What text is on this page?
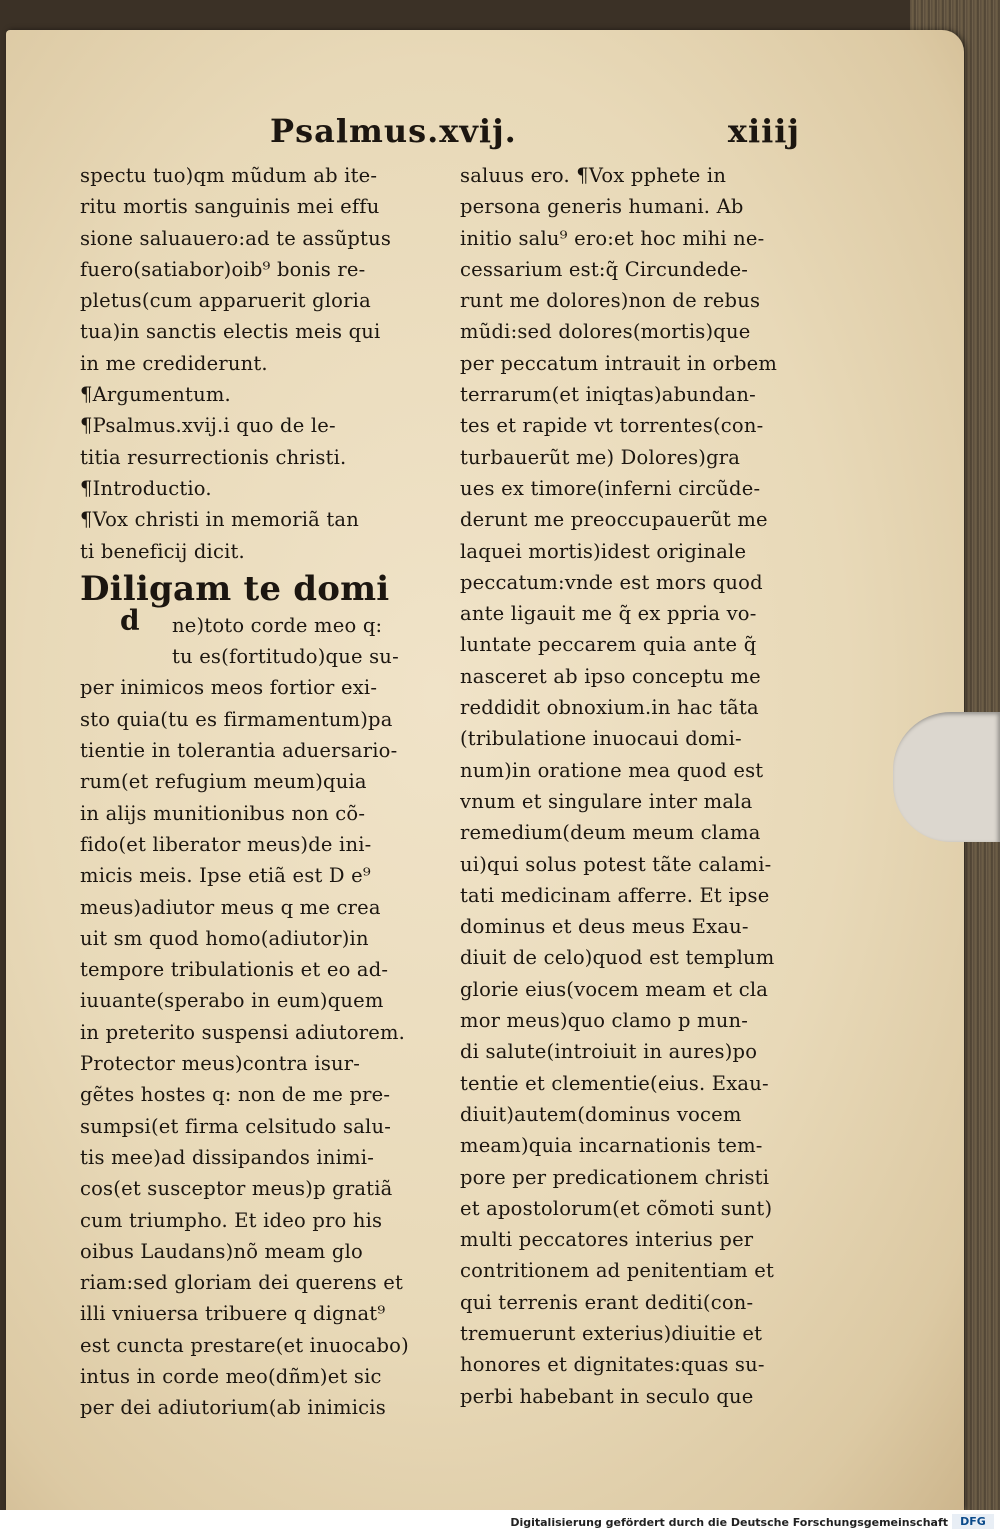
Psalmus.xvij.	xiiij
spectu tuo)qm mũdum ab ite-
ritu mortis sanguinis mei effu
sione saluauero:ad te assũptus
fuero(satiabor)oib⁹ bonis re-
pletus(cum apparuerit gloria
tua)in sanctis electis meis qui
in me crediderunt.
¶Argumentum.
¶Psalmus.xvij.i quo de le-
titia resurrectionis christi.
¶Introductio.
¶Vox christi in memoriã tan
ti beneficij dicit.
Diligam te domi
ne)toto corde meo q:
tu es(fortitudo)que su-
per inimicos meos fortior exi-
sto quia(tu es firmamentum)pa
tientie in tolerantia aduersario-
rum(et refugium meum)quia
in alijs munitionibus non cõ-
fido(et liberator meus)de ini-
micis meis. Ipse etiã est D e⁹
meus)adiutor meus q me crea
uit sm quod homo(adiutor)in
tempore tribulationis et eo ad-
iuuante(sperabo in eum)quem
in preterito suspensi adiutorem.
Protector meus)contra isur-
gẽtes hostes q: non de me pre-
sumpsi(et firma celsitudo salu-
tis mee)ad dissipandos inimi-
cos(et susceptor meus)p gratiã
cum triumpho. Et ideo pro his
oibus Laudans)nõ meam glo
riam:sed gloriam dei querens et
illi vniuersa tribuere q dignat⁹
est cuncta prestare(et inuocabo)
intus in corde meo(dñm)et sic
per dei adiutorium(ab inimicis
d
saluus ero. ¶Vox pphete in
persona generis humani. Ab
initio salu⁹ ero:et hoc mihi ne-
cessarium est:q̃ Circundede-
runt me dolores)non de rebus
mũdi:sed dolores(mortis)que
per peccatum intrauit in orbem
terrarum(et iniqtas)abundan-
tes et rapide vt torrentes(con-
turbauerũt me) Dolores)gra
ues ex timore(inferni circũde-
derunt me preoccupauerũt me
laquei mortis)idest originale
peccatum:vnde est mors quod
ante ligauit me q̃ ex ppria vo-
luntate peccarem quia ante q̃
nasceret ab ipso conceptu me
reddidit obnoxium.in hac tãta
(tribulatione inuocaui domi-
num)in oratione mea quod est
vnum et singulare inter mala
remedium(deum meum clama
ui)qui solus potest tãte calami-
tati medicinam afferre. Et ipse
dominus et deus meus Exau-
diuit de celo)quod est templum
glorie eius(vocem meam et cla
mor meus)quo clamo p mun-
di salute(introiuit in aures)po
tentie et clementie(eius. Exau-
diuit)autem(dominus vocem
meam)quia incarnationis tem-
pore per predicationem christi
et apostolorum(et cõmoti sunt)
multi peccatores interius per
contritionem ad penitentiam et
qui terrenis erant dediti(con-
tremuerunt exterius)diuitie et
honores et dignitates:quas su-
perbi habebant in seculo que
Digitalisierung gefördert durch die Deutsche Forschungsgemeinschaft	DFG
